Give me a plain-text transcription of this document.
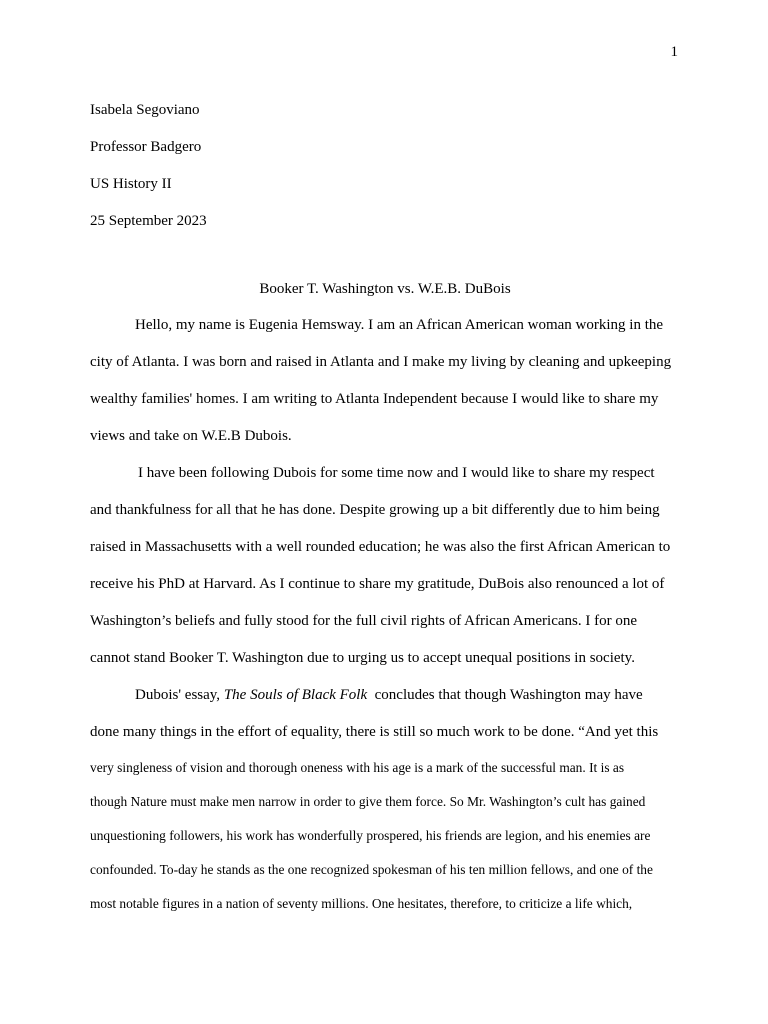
1
Isabela Segoviano
Professor Badgero
US History II
25 September 2023
Booker T. Washington vs. W.E.B. DuBois
Hello, my name is Eugenia Hemsway. I am an African American woman working in the
city of Atlanta. I was born and raised in Atlanta and I make my living by cleaning and upkeeping
wealthy families' homes. I am writing to Atlanta Independent because I would like to share my
views and take on W.E.B Dubois.
I have been following Dubois for some time now and I would like to share my respect
and thankfulness for all that he has done. Despite growing up a bit differently due to him being
raised in Massachusetts with a well rounded education; he was also the first African American to
receive his PhD at Harvard. As I continue to share my gratitude, DuBois also renounced a lot of
Washington’s beliefs and fully stood for the full civil rights of African Americans. I for one
cannot stand Booker T. Washington due to urging us to accept unequal positions in society.
Dubois' essay, The Souls of Black Folk  concludes that though Washington may have
done many things in the effort of equality, there is still so much work to be done. “And yet this
very singleness of vision and thorough oneness with his age is a mark of the successful man. It is as
though Nature must make men narrow in order to give them force. So Mr. Washington’s cult has gained
unquestioning followers, his work has wonderfully prospered, his friends are legion, and his enemies are
confounded. To-day he stands as the one recognized spokesman of his ten million fellows, and one of the
most notable figures in a nation of seventy millions. One hesitates, therefore, to criticize a life which,
